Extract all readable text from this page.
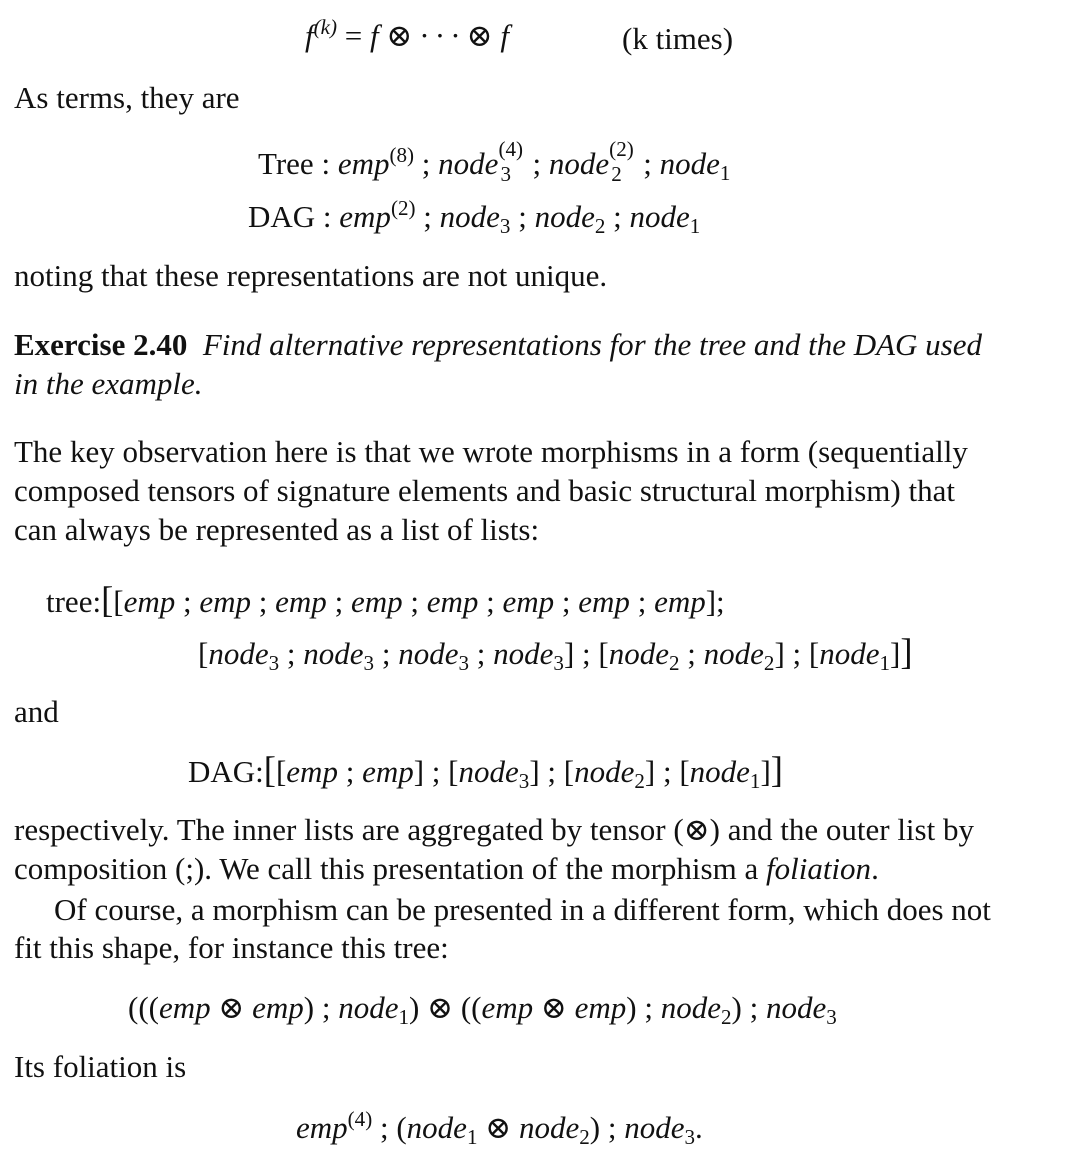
$f^{(k)} = f$ ⊗ · · · ⊗ f	(k times)
As terms, they are
Tree : emp$^{(8)}$ ; node (4)
3 ; node (2)
2 ; node$_1$
DAG : emp$^{(2)}$ ; node$_3$ ; node$_2$ ; node$_1$
noting that these representations are not unique.
Exercise 2.40 Find alternative representations for the tree and the DAG used
in the example.
The key observation here is that we wrote morphisms in a form (sequentially
composed tensors of signature elements and basic structural morphism) that
can always be represented as a list of lists:
tree:[[emp ; emp ; emp ; emp ; emp ; emp ; emp ; emp];
[node$_3$ ; node$_3$ ; node$_3$ ; node$_3$] ; [node$_2$ ; node$_2$] ; [node$_1$]]
and
DAG:[[emp ; emp] ; [node$_3$] ; [node$_2$] ; [node$_1$]]
respectively. The inner lists are aggregated by tensor (⊗) and the outer list by
composition (;). We call this presentation of the morphism a foliation.
Of course, a morphism can be presented in a different form, which does not
fit this shape, for instance this tree:
(((emp ⊗ emp) ; node$_1$) ⊗ ((emp ⊗ emp) ; node$_2$) ; node$_3$
Its foliation is
emp$^{(4)}$ ; (node$_1$ ⊗ node$_2$) ; node$_3$.
